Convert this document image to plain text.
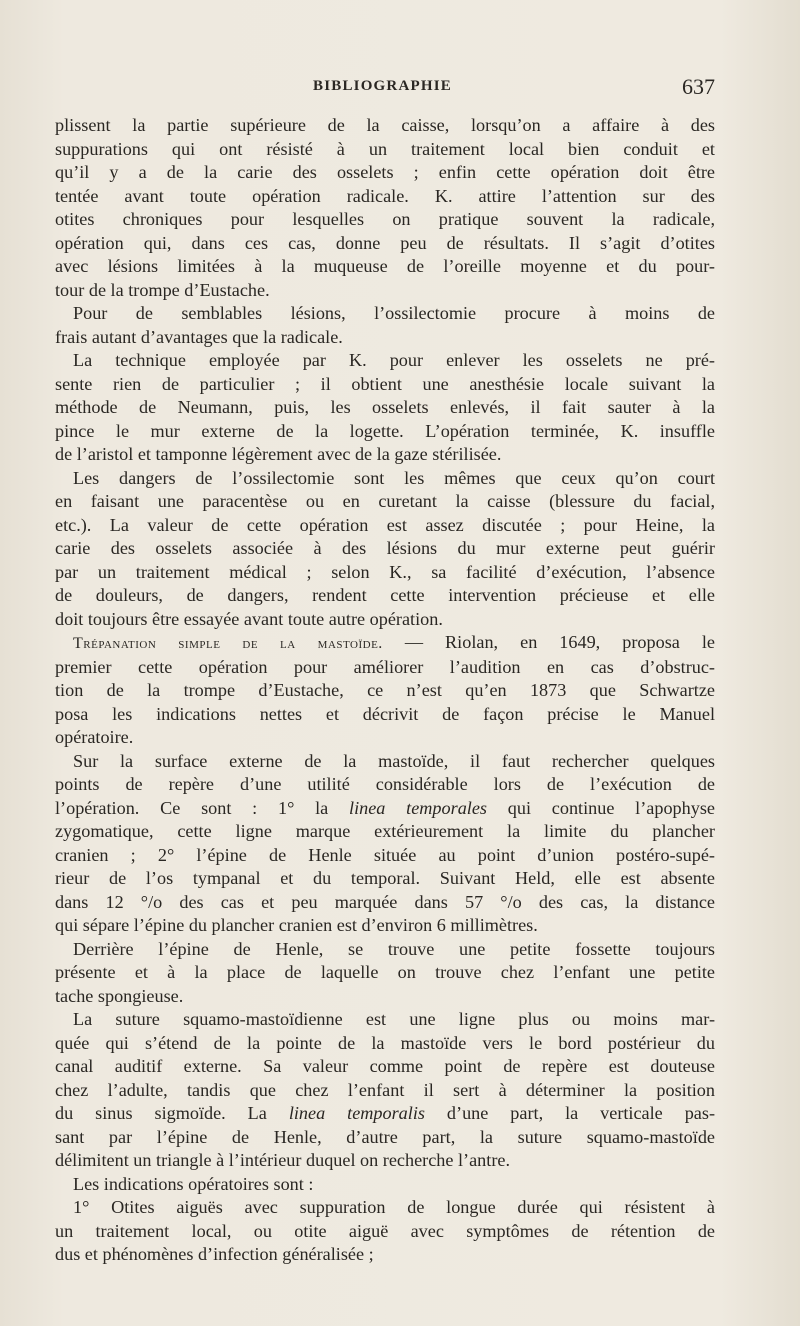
BIBLIOGRAPHIE	637
plissent la partie supérieure de la caisse, lorsqu’on a affaire à des
suppurations qui ont résisté à un traitement local bien conduit et
qu’il y a de la carie des osselets ; enfin cette opération doit être
tentée avant toute opération radicale. K. attire l’attention sur des
otites chroniques pour lesquelles on pratique souvent la radicale,
opération qui, dans ces cas, donne peu de résultats. Il s’agit d’otites
avec lésions limitées à la muqueuse de l’oreille moyenne et du pour-
tour de la trompe d’Eustache.
Pour de semblables lésions, l’ossilectomie procure à moins de
frais autant d’avantages que la radicale.
La technique employée par K. pour enlever les osselets ne pré-
sente rien de particulier ; il obtient une anesthésie locale suivant la
méthode de Neumann, puis, les osselets enlevés, il fait sauter à la
pince le mur externe de la logette. L’opération terminée, K. insuffle
de l’aristol et tamponne légèrement avec de la gaze stérilisée.
Les dangers de l’ossilectomie sont les mêmes que ceux qu’on court
en faisant une paracentèse ou en curetant la caisse (blessure du facial,
etc.). La valeur de cette opération est assez discutée ; pour Heine, la
carie des osselets associée à des lésions du mur externe peut guérir
par un traitement médical ; selon K., sa facilité d’exécution, l’absence
de douleurs, de dangers, rendent cette intervention précieuse et elle
doit toujours être essayée avant toute autre opération.
Trépanation simple de la mastoïde. — Riolan, en 1649, proposa le
premier cette opération pour améliorer l’audition en cas d’obstruc-
tion de la trompe d’Eustache, ce n’est qu’en 1873 que Schwartze
posa les indications nettes et décrivit de façon précise le Manuel
opératoire.
Sur la surface externe de la mastoïde, il faut rechercher quelques
points de repère d’une utilité considérable lors de l’exécution de
l’opération. Ce sont : 1° la linea temporales qui continue l’apophyse
zygomatique, cette ligne marque extérieurement la limite du plancher
cranien ; 2° l’épine de Henle située au point d’union postéro-supé-
rieur de l’os tympanal et du temporal. Suivant Held, elle est absente
dans 12 °/o des cas et peu marquée dans 57 °/o des cas, la distance
qui sépare l’épine du plancher cranien est d’environ 6 millimètres.
Derrière l’épine de Henle, se trouve une petite fossette toujours
présente et à la place de laquelle on trouve chez l’enfant une petite
tache spongieuse.
La suture squamo-mastoïdienne est une ligne plus ou moins mar-
quée qui s’étend de la pointe de la mastoïde vers le bord postérieur du
canal auditif externe. Sa valeur comme point de repère est douteuse
chez l’adulte, tandis que chez l’enfant il sert à déterminer la position
du sinus sigmoïde. La linea temporalis d’une part, la verticale pas-
sant par l’épine de Henle, d’autre part, la suture squamo-mastoïde
délimitent un triangle à l’intérieur duquel on recherche l’antre.
Les indications opératoires sont :
1° Otites aiguës avec suppuration de longue durée qui résistent à
un traitement local, ou otite aiguë avec symptômes de rétention de
dus et phénomènes d’infection généralisée ;
